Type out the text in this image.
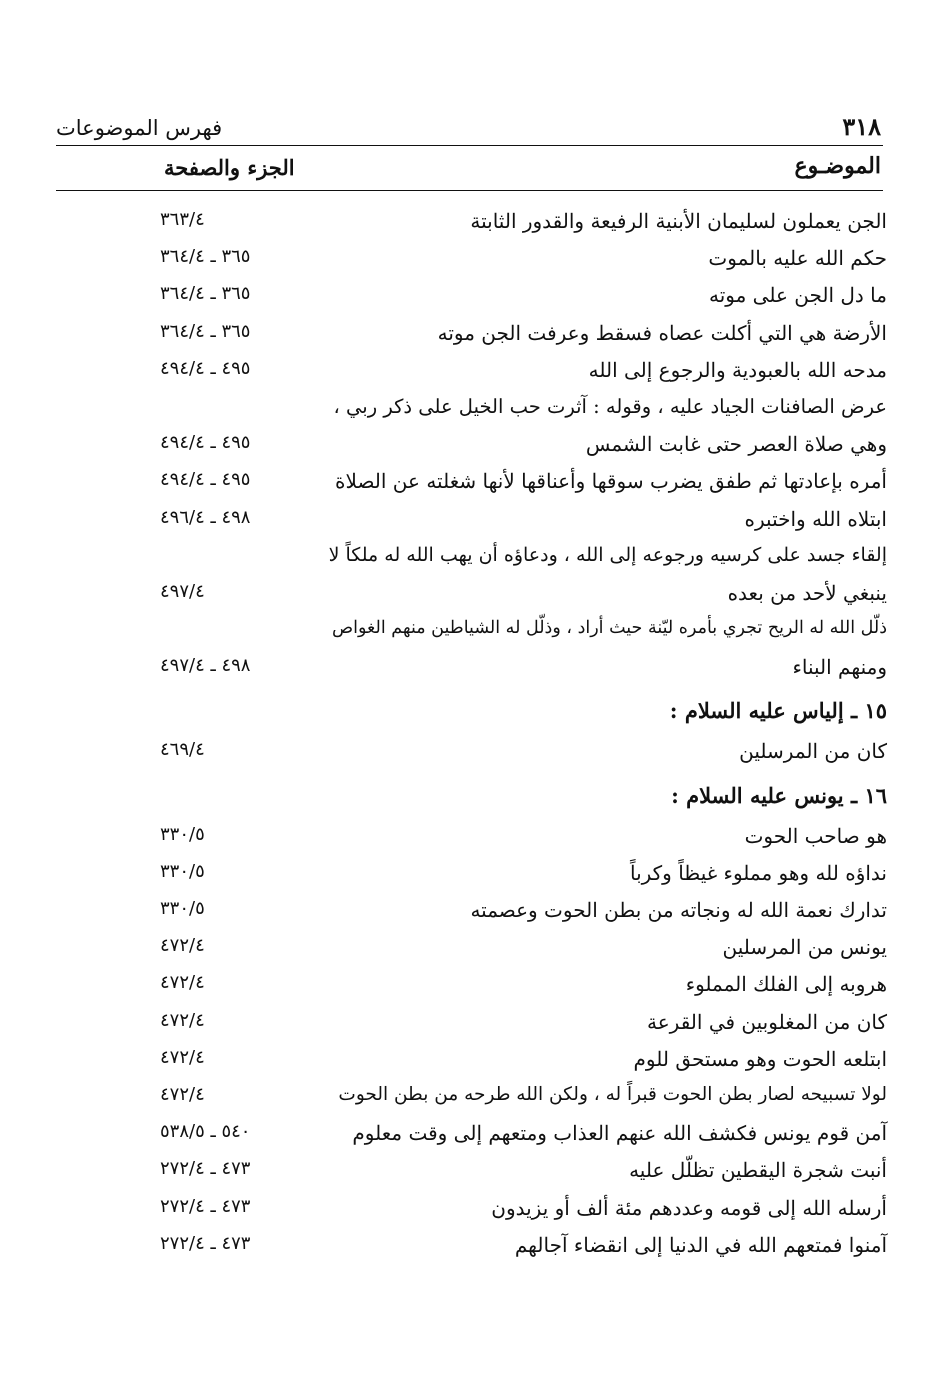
٣١٨
فهرس الموضوعات
الموضـوع
الجزء والصفحة
الجن يعملون لسليمان الأبنية الرفيعة والقدور الثابتة
٣٦٣/٤
حكم الله عليه بالموت
٣٦٥ ـ ٣٦٤/٤
ما دل الجن على موته
٣٦٥ ـ ٣٦٤/٤
الأرضة هي التي أكلت عصاه فسقط وعرفت الجن موته
٣٦٥ ـ ٣٦٤/٤
مدحه الله بالعبودية والرجوع إلى الله
٤٩٥ ـ ٤٩٤/٤
عرض الصافنات الجياد عليه ، وقوله : آثرت حب الخيل على ذكر ربي ،
وهي صلاة العصر حتى غابت الشمس
٤٩٥ ـ ٤٩٤/٤
أمره بإعادتها ثم طفق يضرب سوقها وأعناقها لأنها شغلته عن الصلاة
٤٩٥ ـ ٤٩٤/٤
ابتلاه الله واختبره
٤٩٨ ـ ٤٩٦/٤
إلقاء جسد على كرسيه ورجوعه إلى الله ، ودعاؤه أن يهب الله له ملكاً لا
ينبغي لأحد من بعده
٤٩٧/٤
ذلّل الله له الريح تجري بأمره ليّنة حيث أراد ، وذلّل له الشياطين منهم الغواص
ومنهم البناء
٤٩٨ ـ ٤٩٧/٤
١٥ ـ إلياس عليه السلام :
كان من المرسلين
٤٦٩/٤
١٦ ـ يونس عليه السلام :
هو صاحب الحوت
٣٣٠/٥
نداؤه لله وهو مملوء غيظاً وكرباً
٣٣٠/٥
تدارك نعمة الله له ونجاته من بطن الحوت وعصمته
٣٣٠/٥
يونس من المرسلين
٤٧٢/٤
هروبه إلى الفلك المملوء
٤٧٢/٤
كان من المغلوبين في القرعة
٤٧٢/٤
ابتلعه الحوت وهو مستحق للوم
٤٧٢/٤
لولا تسبيحه لصار بطن الحوت قبراً له ، ولكن الله طرحه من بطن الحوت
٤٧٢/٤
آمن قوم يونس فكشف الله عنهم العذاب ومتعهم إلى وقت معلوم
٥٤٠ ـ ٥٣٨/٥
أنبت شجرة اليقطين تظلّل عليه
٤٧٣ ـ ٢٧٢/٤
أرسله الله إلى قومه وعددهم مئة ألف أو يزيدون
٤٧٣ ـ ٢٧٢/٤
آمنوا فمتعهم الله في الدنيا إلى انقضاء آجالهم
٤٧٣ ـ ٢٧٢/٤
